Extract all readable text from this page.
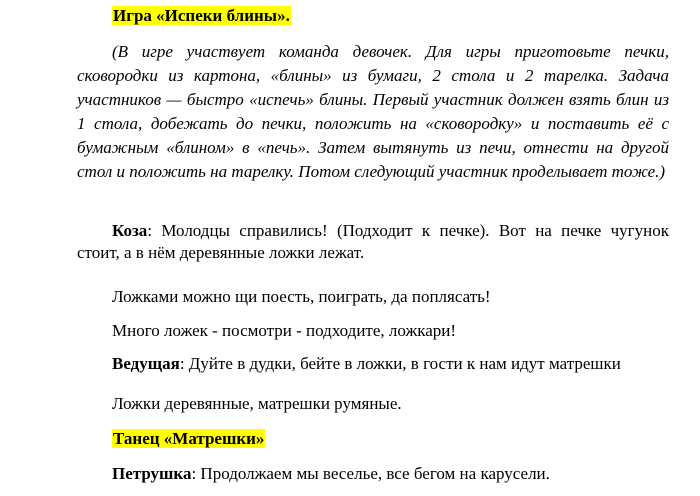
Игра «Испеки блины».

(В игре участвует команда девочек. Для игры приготовьте печки, сковородки из картона, «блины» из бумаги, 2 стола и 2 тарелка. Задача участников — быстро «испечь» блины. Первый участник должен взять блин из 1 стола, добежать до печки, положить на «сковородку» и поставить её с бумажным «блином» в «печь». Затем вытянуть из печи, отнести на другой стол и положить на тарелку. Потом следующий участник проделывает тоже.)

Коза: Молодцы справились! (Подходит к печке). Вот на печке чугунок стоит, а в нём деревянные ложки лежат.

Ложками можно щи поесть, поиграть, да поплясать!

Много ложек - посмотри - подходите, ложкари!

Ведущая: Дуйте в дудки, бейте в ложки, в гости к нам идут матрешки

Ложки деревянные, матрешки румяные.

Танец «Матрешки»

Петрушка: Продолжаем мы веселье, все бегом на карусели.
